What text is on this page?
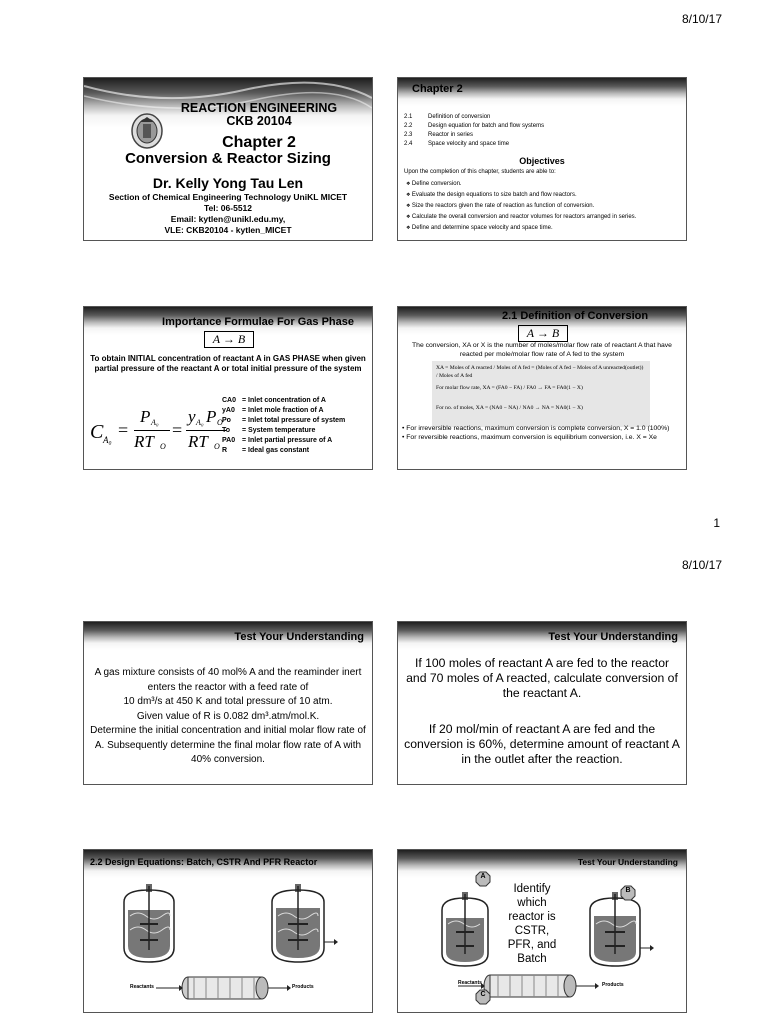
8/10/17
REACTION ENGINEERING
CKB 20104
Chapter 2
Conversion & Reactor Sizing
Dr. Kelly Yong Tau Len
Section of Chemical Engineering Technology UniKL MICET
Tel: 06-5512
Email: kytlen@unikl.edu.my,
VLE: CKB20104 - kytlen_MICET
Chapter 2
2.1	Definition of conversion
2.2	Design equation for batch and flow systems
2.3	Reactor in series
2.4	Space velocity and space time
Objectives
Upon the completion of this chapter, students are able to:
❖ Define conversion.
❖ Evaluate the design equations to size batch and flow reactors.
❖ Size the reactors given the rate of reaction as function of conversion.
❖ Calculate the overall conversion and reactor volumes for reactors arranged in series.
❖ Define and determine space velocity and space time.
Importance Formulae For Gas Phase
A → B
To obtain INITIAL concentration of reactant A in GAS PHASE when given partial pressure of the reactant A or total initial pressure of the system
C A₀ =
P A₀
RT O
=
y A₀ P O
RT O
CA0 = Inlet concentration of A
yA0 = Inlet mole fraction of A
Po = Inlet total pressure of system
To = System temperature
PA0 = Inlet partial pressure of A
R = Ideal gas constant
2.1 Definition of Conversion
A → B
The conversion, XA or X is the number of moles/molar flow rate of reactant A that have reacted per mole/molar flow rate of A fed to the system
XA = Moles of A reacted / Moles of A fed = (Moles of A fed − Moles of A unreacted(outlet)) / Moles of A fed
For molar flow rate, XA = (FA0 − FA) / FA0 → FA = FA0(1 − X)
For no. of moles, XA = (NA0 − NA) / NA0 → NA = NA0(1 − X)
• For irreversible reactions, maximum conversion is complete conversion, X = 1.0 (100%)
• For reversible reactions, maximum conversion is equilibrium conversion, i.e. X = Xe
1
8/10/17
Test Your Understanding
A gas mixture consists of 40 mol% A and the reaminder inert enters the reactor with a feed rate of
10 dm³/s at 450 K and total pressure of 10 atm.
Given value of R is 0.082 dm³.atm/mol.K.
Determine the initial concentration and initial molar flow rate of A. Subsequently determine the final molar flow rate of A with 40% conversion.
Test Your Understanding
If 100 moles of reactant A are fed to the reactor and 70 moles of A reacted, calculate conversion of the reactant A.
If 20 mol/min of reactant A are fed and the conversion is 60%, determine amount of reactant A in the outlet after the reaction.
2.2 Design Equations: Batch, CSTR And PFR Reactor
Reactants	Products
Test Your Understanding
A
B
C
Identify which reactor is CSTR, PFR, and Batch
Reactants	Products
